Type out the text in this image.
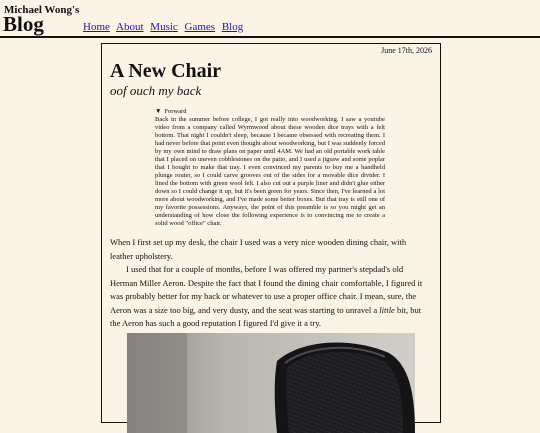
Michael Wong's
Blog	Home About Music Games Blog
June 17th, 2026
A New Chair
oof ouch my back
▼ Forward

Back in the summer before college, I got really into woodworking. I saw a youtube video from a company called Wyrmwood about these wooden dice trays with a felt bottom. That night I couldn't sleep, because I became obsessed with recreating them. I had never before that point even thought about woodworking, but I was suddenly forced by my own mind to draw plans on paper until 4AM. We had an old portable work table that I placed on uneven cobblestones on the patio, and I used a jigsaw and some poplar that I bought to make that tray. I even convinced my parents to buy me a handheld plunge router, so I could carve grooves out of the sides for a movable dice divider. I lined the bottom with green wool felt. I also cut out a purple liner and didn't glue either down so I could change it up, but it's been green for years. Since then, I've learned a lot more about woodworking, and I've made some better boxes. But that tray is still one of my favorite possessions. Anyways, the point of this preamble is so you might get an understanding of how close the following experience is to convincing me to create a solid wood "office" chair.

When I first set up my desk, the chair I used was a very nice wooden dining chair, with leather upholstery.

I used that for a couple of months, before I was offered my partner's stepdad's old Herman Miller Aeron. Despite the fact that I found the dining chair comfortable, I figured it was probably better for my back or whatever to use a proper office chair. I mean, sure, the Aeron was a size too big, and very dusty, and the seat was starting to unravel a little bit, but the Aeron has such a good reputation I figured I'd give it a try.
